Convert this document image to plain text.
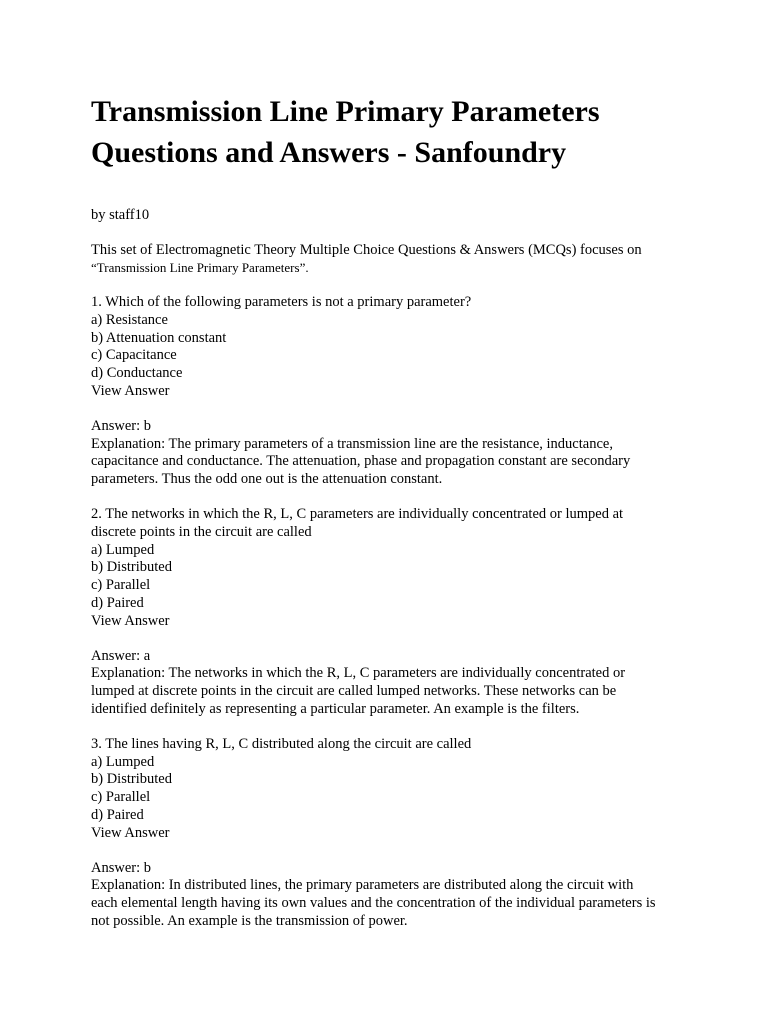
Transmission Line Primary Parameters
Questions and Answers - Sanfoundry

by staff10

This set of Electromagnetic Theory Multiple Choice Questions & Answers (MCQs) focuses on
“Transmission Line Primary Parameters”.

1. Which of the following parameters is not a primary parameter?
a) Resistance
b) Attenuation constant
c) Capacitance
d) Conductance
View Answer
Answer: b
Explanation: The primary parameters of a transmission line are the resistance, inductance,
capacitance and conductance. The attenuation, phase and propagation constant are secondary
parameters. Thus the odd one out is the attenuation constant.
2. The networks in which the R, L, C parameters are individually concentrated or lumped at
discrete points in the circuit are called
a) Lumped
b) Distributed
c) Parallel
d) Paired
View Answer
Answer: a
Explanation: The networks in which the R, L, C parameters are individually concentrated or
lumped at discrete points in the circuit are called lumped networks. These networks can be
identified definitely as representing a particular parameter. An example is the filters.
3. The lines having R, L, C distributed along the circuit are called
a) Lumped
b) Distributed
c) Parallel
d) Paired
View Answer
Answer: b
Explanation: In distributed lines, the primary parameters are distributed along the circuit with
each elemental length having its own values and the concentration of the individual parameters is
not possible. An example is the transmission of power.
